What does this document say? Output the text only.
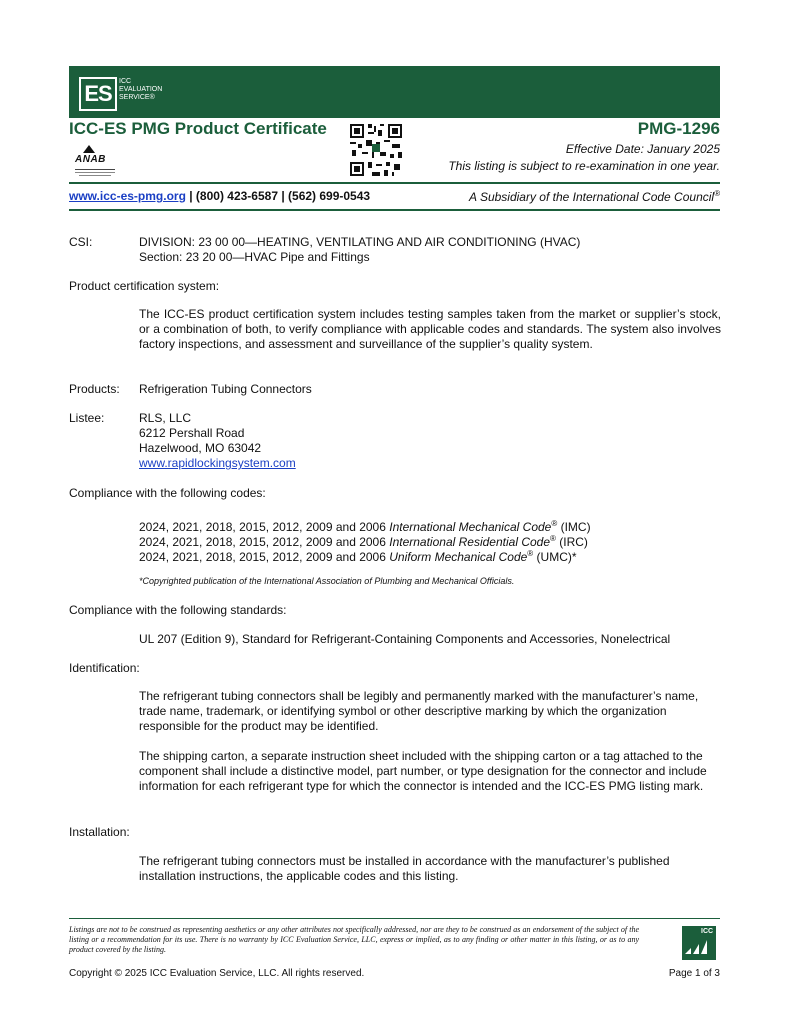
ES	ICC
EVALUATION
SERVICE®
ICC-ES PMG Product Certificate
ANAB
PMG-1296
Effective Date: January 2025
This listing is subject to re-examination in one year.
www.icc-es-pmg.org | (800) 423-6587 | (562) 699-0543	A Subsidiary of the International Code Council®
CSI:	DIVISION: 23 00 00—HEATING, VENTILATING AND AIR CONDITIONING (HVAC)
Section: 23 20 00—HVAC Pipe and Fittings
Product certification system:
The ICC-ES product certification system includes testing samples taken from the market or supplier’s stock, or a combination of both, to verify compliance with applicable codes and standards. The system also involves factory inspections, and assessment and surveillance of the supplier’s quality system.
Products: Refrigeration Tubing Connectors
Listee:	RLS, LLC
6212 Pershall Road
Hazelwood, MO 63042
www.rapidlockingsystem.com
Compliance with the following codes:
2024, 2021, 2018, 2015, 2012, 2009 and 2006 International Mechanical Code® (IMC)
2024, 2021, 2018, 2015, 2012, 2009 and 2006 International Residential Code® (IRC)
2024, 2021, 2018, 2015, 2012, 2009 and 2006 Uniform Mechanical Code® (UMC)*
*Copyrighted publication of the International Association of Plumbing and Mechanical Officials.
Compliance with the following standards:
UL 207 (Edition 9), Standard for Refrigerant-Containing Components and Accessories, Nonelectrical
Identification:
The refrigerant tubing connectors shall be legibly and permanently marked with the manufacturer’s name, trade name, trademark, or identifying symbol or other descriptive marking by which the organization responsible for the product may be identified.
The shipping carton, a separate instruction sheet included with the shipping carton or a tag attached to the component shall include a distinctive model, part number, or type designation for the connector and include information for each refrigerant type for which the connector is intended and the ICC-ES PMG listing mark.
Installation:
The refrigerant tubing connectors must be installed in accordance with the manufacturer’s published installation instructions, the applicable codes and this listing.
Listings are not to be construed as representing aesthetics or any other attributes not specifically addressed, nor are they to be construed as an endorsement of the subject of the listing or a recommendation for its use. There is no warranty by ICC Evaluation Service, LLC, express or implied, as to any finding or other matter in this listing, or as to any product covered by the listing.
ICC
Copyright © 2025 ICC Evaluation Service, LLC. All rights reserved.	Page 1 of 3
